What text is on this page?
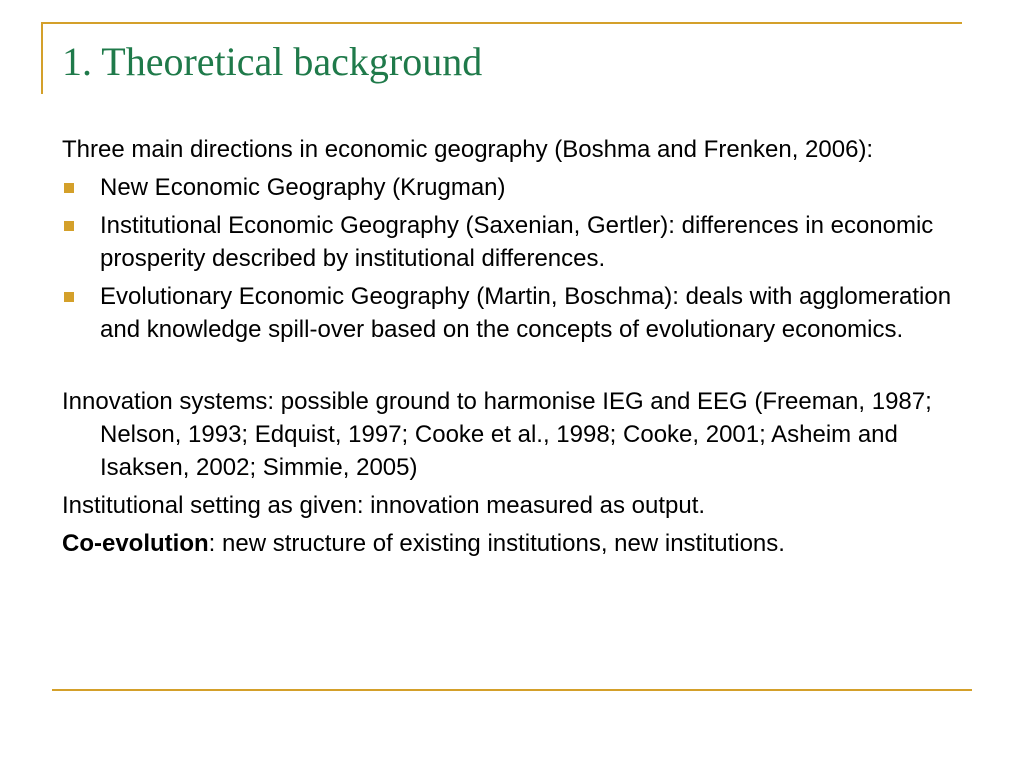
1. Theoretical background
Three main directions in economic geography (Boshma and Frenken, 2006):
New Economic Geography (Krugman)
Institutional Economic Geography (Saxenian, Gertler): differences in economic prosperity described by institutional differences.
Evolutionary Economic Geography (Martin, Boschma): deals with agglomeration and knowledge spill-over based on the concepts of evolutionary economics.
Innovation systems: possible ground to harmonise IEG and EEG (Freeman, 1987; Nelson, 1993; Edquist, 1997; Cooke et al., 1998; Cooke, 2001; Asheim and Isaksen, 2002; Simmie, 2005)
Institutional setting as given: innovation measured as output.
Co-evolution: new structure of existing institutions, new institutions.
